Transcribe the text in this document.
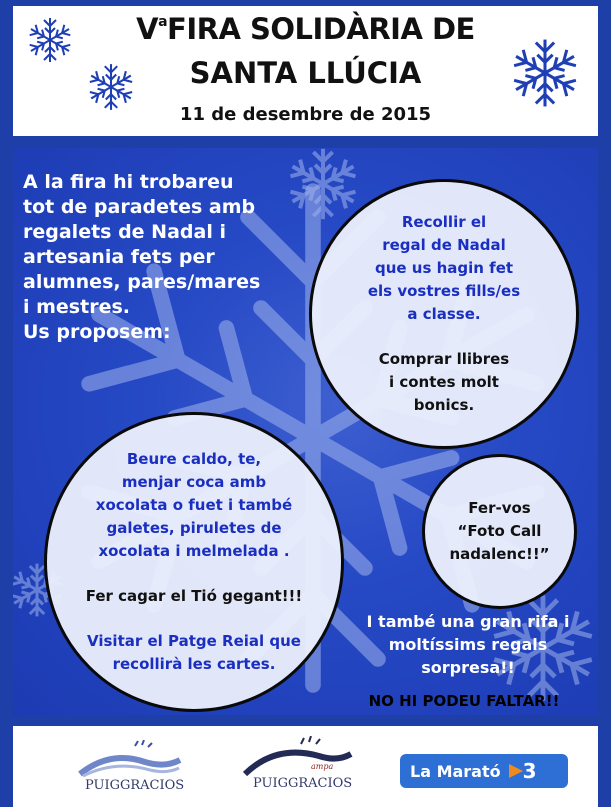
$V^aFIRA$ SOLIDÀRIA DE
SANTA LLÚCIA
11 de desembre de 2015
A la fira hi trobareu
tot de paradetes amb
regalets de Nadal i
artesania fets per
alumnes, pares/mares
i mestres.
Us proposem:
Recollir el
regal de Nadal
que us hagin fet
els vostres fills/es
a classe.
Comprar llibres
i contes molt
bonics.
Beure caldo, te,
menjar coca amb
xocolata o fuet i també
galetes, piruletes de
xocolata i melmelada .
Fer cagar el Tió gegant!!!
Visitar el Patge Reial que
recollirà les cartes.
Fer-vos
“Foto Call
nadalenc!!”
I també una gran rifa i
moltíssims regals
sorpresa!!
NO HI PODEU FALTAR!!
PUIGGRACIOS
ampa
PUIGGRACIOS
La Marató 3
